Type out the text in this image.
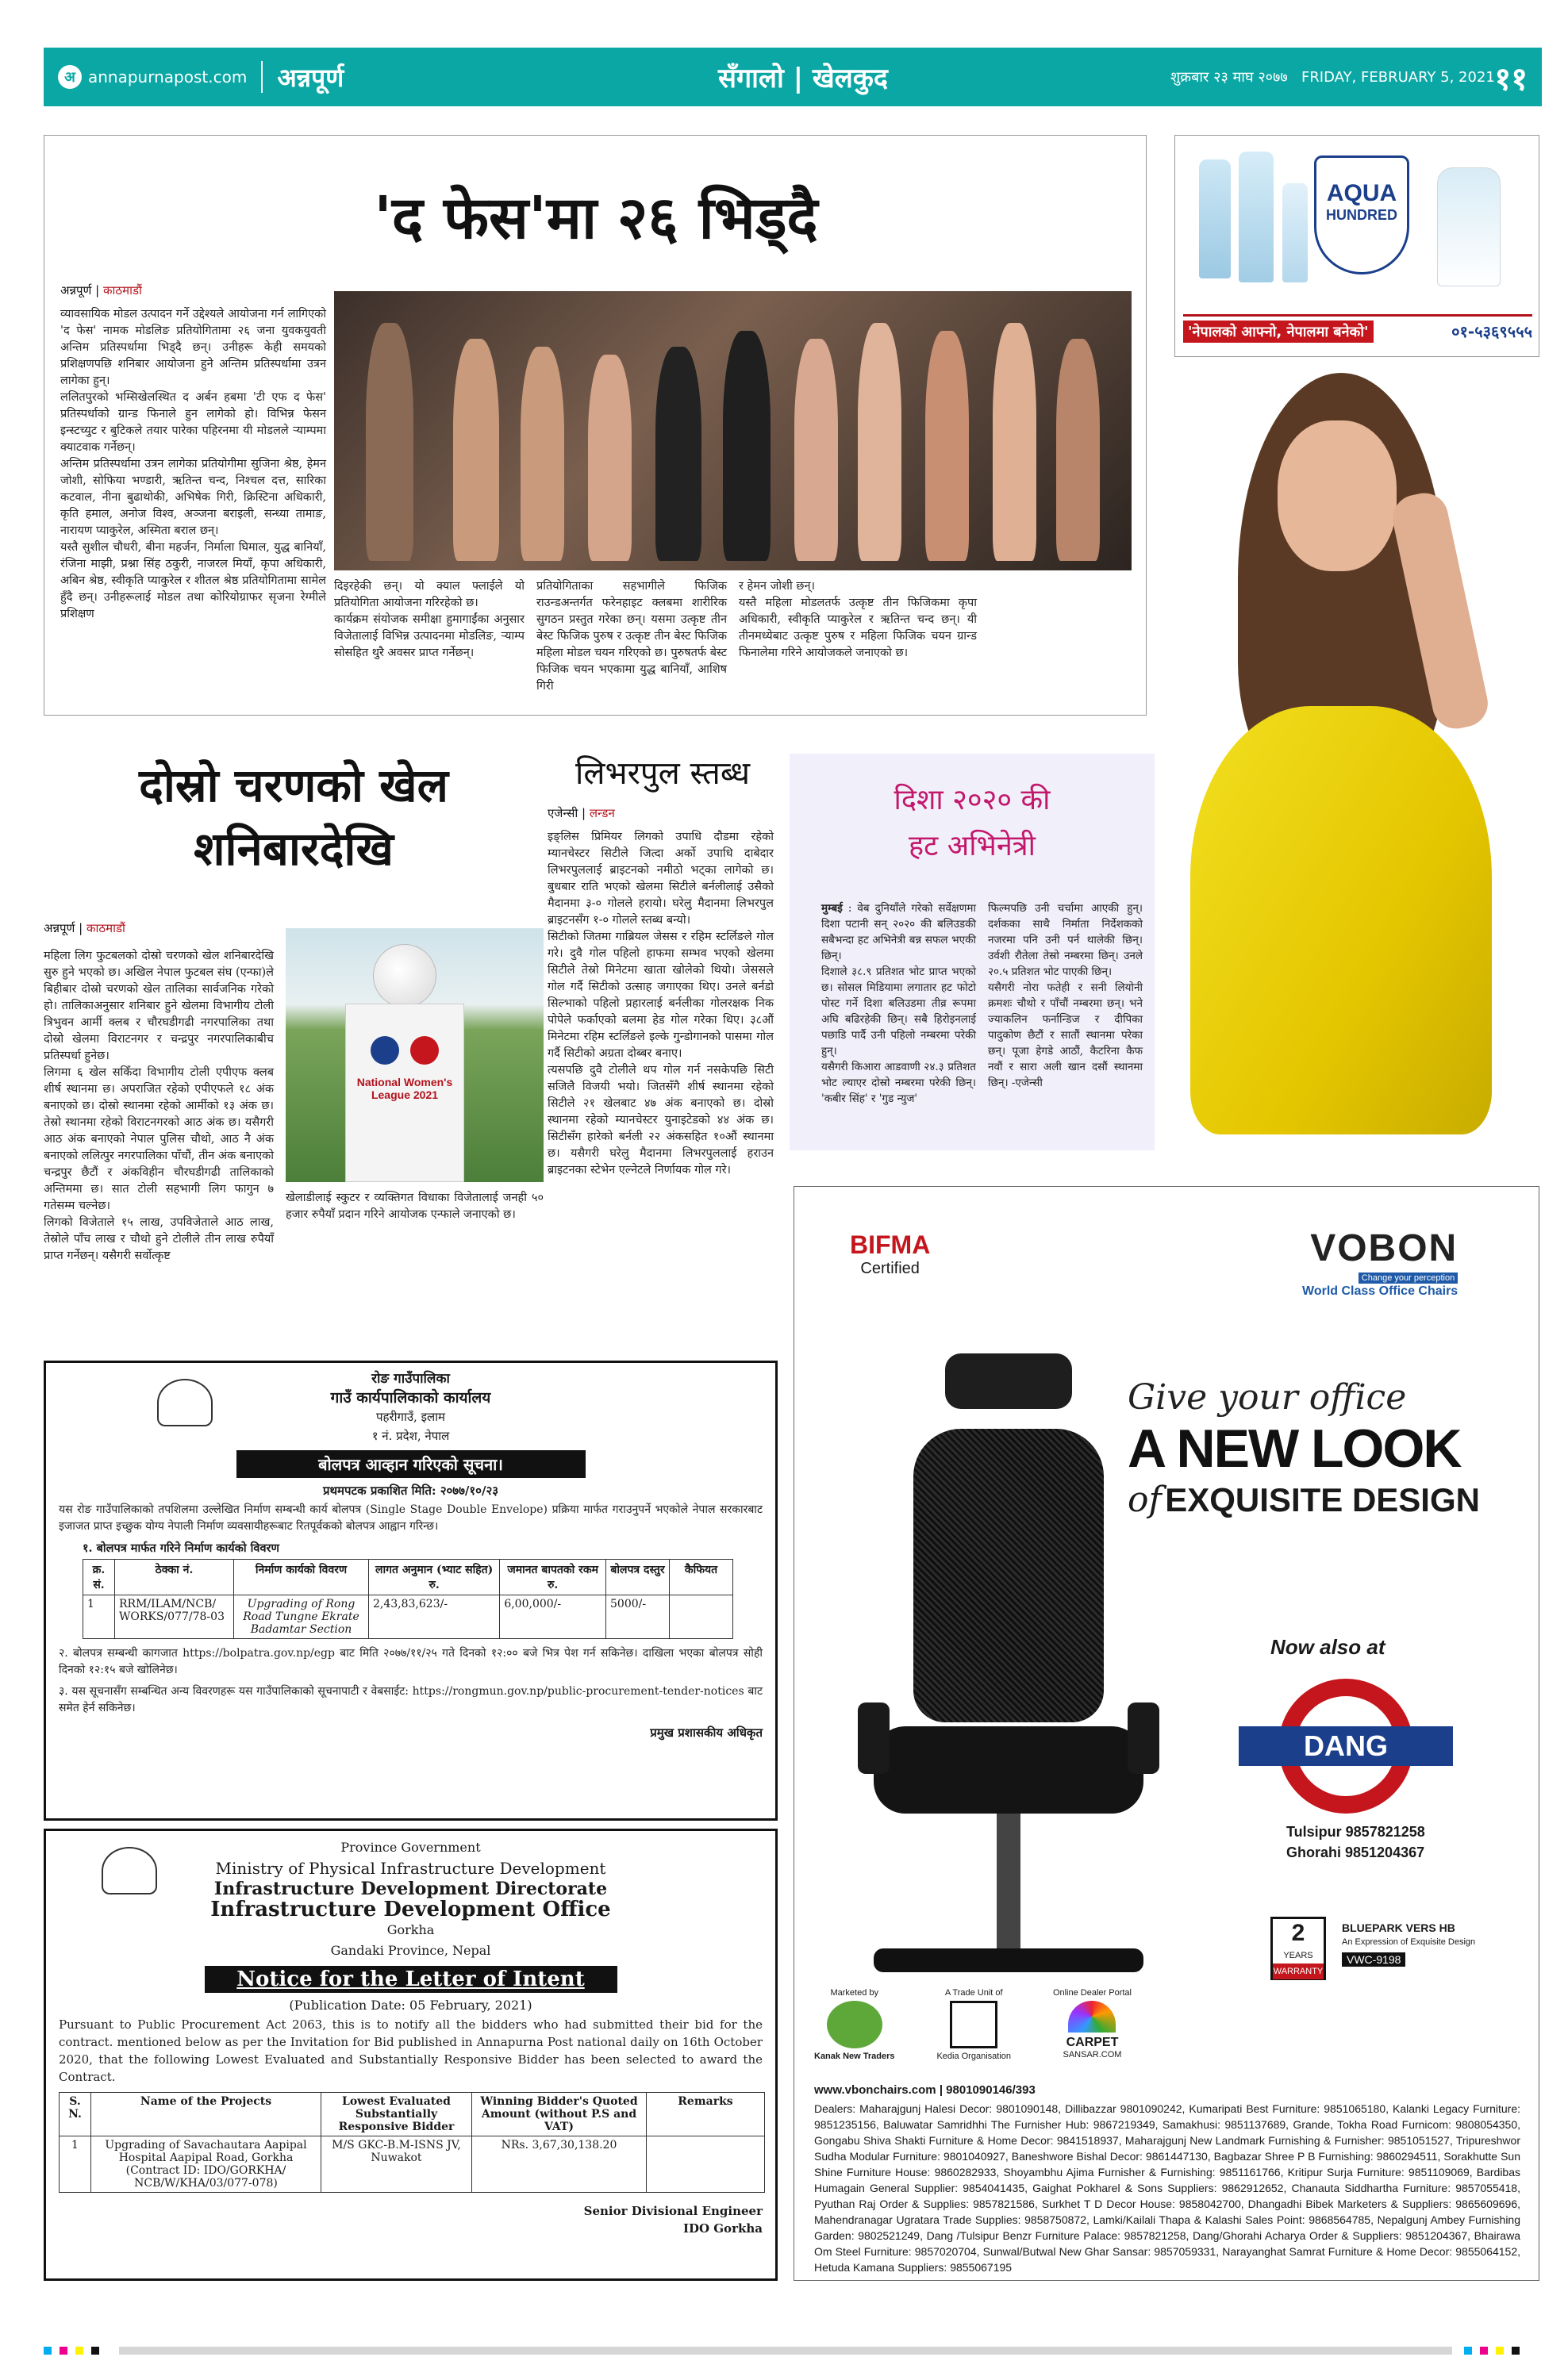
अ annapurnapost.com अन्नपूर्ण	सँगालो | खेलकुद	शुक्रबार २३ माघ २०७७ FRIDAY, FEBRUARY 5, 2021 ११
'द फेस'मा २६ भिड्दै
अन्नपूर्ण | काठमाडौं

व्यावसायिक मोडल उत्पादन गर्ने उद्देश्यले आयोजना गर्न लागिएको 'द फेस' नामक मोडलिङ प्रतियोगितामा २६ जना युवकयुवती अन्तिम प्रतिस्पर्धामा भिड्दै छन्। उनीहरू केही समयको प्रशिक्षणपछि शनिबार आयोजना हुने अन्तिम प्रतिस्पर्धामा उत्रन लागेका हुन्।

ललितपुरको भम्सिखेलस्थित द अर्बन हबमा 'टी एफ द फेस' प्रतिस्पर्धाको ग्रान्ड फिनाले हुन लागेको हो। विभिन्न फेसन इन्स्टच्युट र बुटिकले तयार पारेका पहिरनमा यी मोडलले ऱ्याम्पमा क्याटवाक गर्नेछन्।

अन्तिम प्रतिस्पर्धामा उत्रन लागेका प्रतियोगीमा सुजिना श्रेष्ठ, हेमन जोशी, सोफिया भण्डारी, ऋतिन्त चन्द, निश्चल दत्त, सारिका कटवाल, नीना बुढाथोकी, अभिषेक गिरी, क्रिस्टिना अधिकारी, कृति हमाल, अनोज विश्व, अञ्जना बराइली, सन्ध्या तामाङ, नारायण प्याकुरेल, अस्मिता बराल छन्।

यस्तै सुशील चौधरी, बीना महर्जन, निर्माला घिमाल, युद्ध बानियाँ, रंजिना माझी, प्रश्ना सिंह ठकुरी, नाजरल मियाँ, कृपा अधिकारी, अबिन श्रेष्ठ, स्वीकृति प्याकुरेल र शीतल श्रेष्ठ प्रतियोगितामा सामेल हुँदै छन्। उनीहरूलाई मोडल तथा कोरियोग्राफर सृजना रेग्मीले प्रशिक्षण

दिइरहेकी छन्। यो क्याल फ्लाईले यो प्रतियोगिता आयोजना गरिरहेको छ।

कार्यक्रम संयोजक समीक्षा हुमागाईंका अनुसार विजेतालाई विभिन्न उत्पादनमा मोडलिङ, ऱ्याम्प सोसहित थुरै अवसर प्राप्त गर्नेछन्।

प्रतियोगिताका सहभागीले फिजिक राउन्डअन्तर्गत फरेनहाइट क्लबमा शारीरिक सुगठन प्रस्तुत गरेका छन्। यसमा उत्कृष्ट तीन बेस्ट फिजिक पुरुष र उत्कृष्ट तीन बेस्ट फिजिक महिला मोडल चयन गरिएको छ। पुरुषतर्फ बेस्ट फिजिक चयन भएकामा युद्ध बानियाँ, आशिष गिरी

र हेमन जोशी छन्।

यस्तै महिला मोडलतर्फ उत्कृष्ट तीन फिजिकमा कृपा अधिकारी, स्वीकृति प्याकुरेल र ऋतिन्त चन्द छन्। यी तीनमध्येबाट उत्कृष्ट पुरुष र महिला फिजिक चयन ग्रान्ड फिनालेमा गरिने आयोजकले जनाएको छ।

AQUA
HUNDRED
'नेपालको आफ्नो, नेपालमा बनेको'	०१-५३६९५५५
दोस्रो चरणको खेल
शनिबारदेखि
अन्नपूर्ण | काठमाडौं

महिला लिग फुटबलको दोस्रो चरणको खेल शनिबारदेखि सुरु हुने भएको छ। अखिल नेपाल फुटबल संघ (एन्फा)ले बिहीबार दोस्रो चरणको खेल तालिका सार्वजनिक गरेको हो। तालिकाअनुसार शनिबार हुने खेलमा विभागीय टोली त्रिभुवन आर्मी क्लब र चौरघडीगढी नगरपालिका तथा दोस्रो खेलमा विराटनगर र चन्द्रपुर नगरपालिकाबीच प्रतिस्पर्धा हुनेछ।

लिगमा ६ खेल सकिँदा विभागीय टोली एपीएफ क्लब शीर्ष स्थानमा छ। अपराजित रहेको एपीएफले १८ अंक बनाएको छ। दोस्रो स्थानमा रहेको आर्मीको १३ अंक छ। तेस्रो स्थानमा रहेको विराटनगरको आठ अंक छ। यसैगरी आठ अंक बनाएको नेपाल पुलिस चौथो, आठ नै अंक बनाएको ललित्पुर नगरपालिका पाँचौं, तीन अंक बनाएको चन्द्रपुर छैटौं र अंकविहीन चौरघडीगढी तालिकाको अन्तिममा छ। सात टोली सहभागी लिग फागुन ७ गतेसम्म चल्नेछ।

लिगको विजेताले १५ लाख, उपविजेताले आठ लाख, तेस्रोले पाँच लाख र चौथो हुने टोलीले तीन लाख रुपैयाँ प्राप्त गर्नेछन्। यसैगरी सर्वोत्कृष्ट

National Women's League 2021

खेलाडीलाई स्कुटर र व्यक्तिगत विधाका विजेतालाई जनही ५० हजार रुपैयाँ प्रदान गरिने आयोजक एन्फाले जनाएको छ।

लिभरपुल स्तब्ध
एजेन्सी | लन्डन

इङ्लिस प्रिमियर लिगको उपाधि दौडमा रहेको म्यानचेस्टर सिटीले जित्दा अर्को उपाधि दाबेदार लिभरपुललाई ब्राइटनको नमीठो भट्का लागेको छ। बुधबार राति भएको खेलमा सिटीले बर्नलीलाई उसैको मैदानमा ३-० गोलले हरायो। घरेलु मैदानमा लिभरपुल ब्राइटनसँग १-० गोलले स्तब्ध बन्यो।

सिटीको जितमा गाब्रियल जेसस र रहिम स्टर्लिङले गोल गरे। दुवै गोल पहिलो हाफमा सम्भव भएको खेलमा सिटीले तेस्रो मिनेटमा खाता खोलेको थियो। जेससले गोल गर्दै सिटीको उत्साह जगाएका थिए। उनले बर्नडो सिल्भाको पहिलो प्रहारलाई बर्नलीका गोलरक्षक निक पोपेले फर्काएको बलमा हेड गोल गरेका थिए। ३८औं मिनेटमा रहिम स्टर्लिङले इल्के गुन्डोगानको पासमा गोल गर्दै सिटीको अग्रता दोब्बर बनाए।

त्यसपछि दुवै टोलीले थप गोल गर्न नसकेपछि सिटी सजिलै विजयी भयो। जितसँगै शीर्ष स्थानमा रहेको सिटीले २१ खेलबाट ४७ अंक बनाएको छ। दोस्रो स्थानमा रहेको म्यानचेस्टर युनाइटेडको ४४ अंक छ। सिटीसँग हारेको बर्नली २२ अंकसहित १०औं स्थानमा छ। यसैगरी घरेलु मैदानमा लिभरपुललाई हराउन ब्राइटनका स्टेभेन एल्नेटले निर्णायक गोल गरे।

दिशा २०२० की
हट अभिनेत्री

मुम्बई : वेब दुनियाँले गरेको सर्वेक्षणमा दिशा पटानी सन् २०२० की बलिउडकी सबैभन्दा हट अभिनेत्री बन्न सफल भएकी छिन्।

दिशाले ३८.९ प्रतिशत भोट प्राप्त भएको छ। सोसल मिडियामा लगातार हट फोटो पोस्ट गर्ने दिशा बलिउडमा तीव्र रूपमा अघि बढिरहेकी छिन्। सबै हिरोइनलाई पछाडि पार्दै उनी पहिलो नम्बरमा परेकी हुन्।

यसैगरी किआरा आडवाणी २४.३ प्रतिशत भोट ल्याएर दोस्रो नम्बरमा परेकी छिन्। 'कबीर सिंह' र 'गुड न्युज'

फिल्मपछि उनी चर्चामा आएकी हुन्। दर्शकका साथै निर्माता निर्देशकको नजरमा पनि उनी पर्न थालेकी छिन्। उर्वशी रौतेला तेस्रो नम्बरमा छिन्। उनले २०.५ प्रतिशत भोट पाएकी छिन्।

यसैगरी नोरा फतेही र सनी लियोनी क्रमशः चौथो र पाँचौं नम्बरमा छन्। भने ज्याकलिन फर्नान्डिज र दीपिका पादुकोण छैटौं र सातौं स्थानमा परेका छन्। पूजा हेगडे आठौं, कैटरिना कैफ नवौं र सारा अली खान दसौं स्थानमा छिन्। -एजेन्सी

रोङ गाउँपालिका
गाउँ कार्यपालिकाको कार्यालय
पहरीगाउँ, इलाम
१ नं. प्रदेश, नेपाल
बोलपत्र आव्हान गरिएको सूचना।
प्रथमपटक प्रकाशित मिति: २०७७/१०/२३
यस रोङ गाउँपालिकाको तपशिलमा उल्लेखित निर्माण सम्बन्धी कार्य बोलपत्र (Single Stage Double Envelope) प्रक्रिया मार्फत गराउनुपर्ने भएकोले नेपाल सरकारबाट इजाजत प्राप्त इच्छुक योग्य नेपाली निर्माण व्यवसायीहरूबाट रितपूर्वकको बोलपत्र आह्वान गरिन्छ।
१. बोलपत्र मार्फत गरिने निर्माण कार्यको विवरण
क्र. सं.	ठेक्का नं.	निर्माण कार्यको विवरण	लागत अनुमान (भ्याट सहित) रु.	जमानत बापतको रकम रु.	बोलपत्र दस्तुर	कैफियत
1	RRM/ILAM/NCB/ WORKS/077/78-03	Upgrading of Rong Road Tungne Ekrate Badamtar Section	2,43,83,623/-	6,00,000/-	5000/-	
२. बोलपत्र सम्बन्धी कागजात https://bolpatra.gov.np/egp बाट मिति २०७७/११/२५ गते दिनको १२:०० बजे भित्र पेश गर्न सकिनेछ। दाखिला भएका बोलपत्र सोही दिनको १२:१५ बजे खोलिनेछ।
३. यस सूचनासँग सम्बन्धित अन्य विवरणहरू यस गाउँपालिकाको सूचनापाटी र वेबसाईट: https://rongmun.gov.np/public-procurement-tender-notices बाट समेत हेर्न सकिनेछ।
प्रमुख प्रशासकीय अधिकृत
Province Government
Ministry of Physical Infrastructure Development
Infrastructure Development Directorate
Infrastructure Development Office
Gorkha
Gandaki Province, Nepal
Notice for the Letter of Intent
(Publication Date: 05 February, 2021)
Pursuant to Public Procurement Act 2063, this is to notify all the bidders who had submitted their bid for the contract. mentioned below as per the Invitation for Bid published in Annapurna Post national daily on 16th October 2020, that the following Lowest Evaluated and Substantially Responsive Bidder has been selected to award the Contract.
S. N.	Name of the Projects	Lowest Evaluated Substantially Responsive Bidder	Winning Bidder's Quoted Amount (without P.S and VAT)	Remarks
1	Upgrading of Savachautara Aapipal Hospital Aapipal Road, Gorkha (Contract ID: IDO/GORKHA/ NCB/W/KHA/03/077-078)	M/S GKC-B.M-ISNS JV, Nuwakot	NRs. 3,67,30,138.20	
Senior Divisional Engineer
IDO Gorkha
BIFMA
Certified	VOBON
Change your perception
World Class Office Chairs
Give your office
A NEW LOOK
of EXQUISITE DESIGN
Now also at
DANG
Tulsipur 9857821258
Ghorahi 9851204367
2
YEARS
WARRANTY
BLUEPARK VERS HB
An Expression of Exquisite Design
VWC-9198
Marketed by
Kanak New Traders
A Trade Unit of
Kedia Organisation
Online Dealer Portal
CARPET
SANSAR.COM
www.vbonchairs.com | 9801090146/393
Dealers: Maharajgunj Halesi Decor: 9801090148, Dillibazzar 9801090242, Kumaripati Best Furniture: 9851065180, Kalanki Legacy Furniture: 9851235156, Baluwatar Samridhhi The Furnisher Hub: 9867219349, Samakhusi: 9851137689, Grande, Tokha Road Furnicom: 9808054350, Gongabu Shiva Shakti Furniture & Home Decor: 9841518937, Maharajgunj New Landmark Furnishing & Furnisher: 9851051527, Tripureshwor Sudha Modular Furniture: 9801040927, Baneshwore Bishal Decor: 9861447130, Bagbazar Shree P B Furnishing: 9860294511, Sorakhutte Sun Shine Furniture House: 9860282933, Shoyambhu Ajima Furnisher & Furnishing: 9851161766, Kritipur Surja Furniture: 9851109069, Bardibas Humagain General Supplier: 9854041435, Gaighat Pokharel & Sons Suppliers: 9862912652, Chanauta Siddhartha Furniture: 9857055418, Pyuthan Raj Order & Supplies: 9857821586, Surkhet T D Decor House: 9858042700, Dhangadhi Bibek Marketers & Suppliers: 9865609696, Mahendranagar Ugratara Trade Supplies: 9858750872, Lamki/Kailali Thapa & Kalashi Sales Point: 9868564785, Nepalgunj Ambey Furnishing Garden: 9802521249, Dang /Tulsipur Benzr Furniture Palace: 9857821258, Dang/Ghorahi Acharya Order & Suppliers: 9851204367, Bhairawa Om Steel Furniture: 9857020704, Sunwal/Butwal New Ghar Sansar: 9857059331, Narayanghat Samrat Furniture & Home Decor: 9855064152, Hetuda Kamana Suppliers: 9855067195
